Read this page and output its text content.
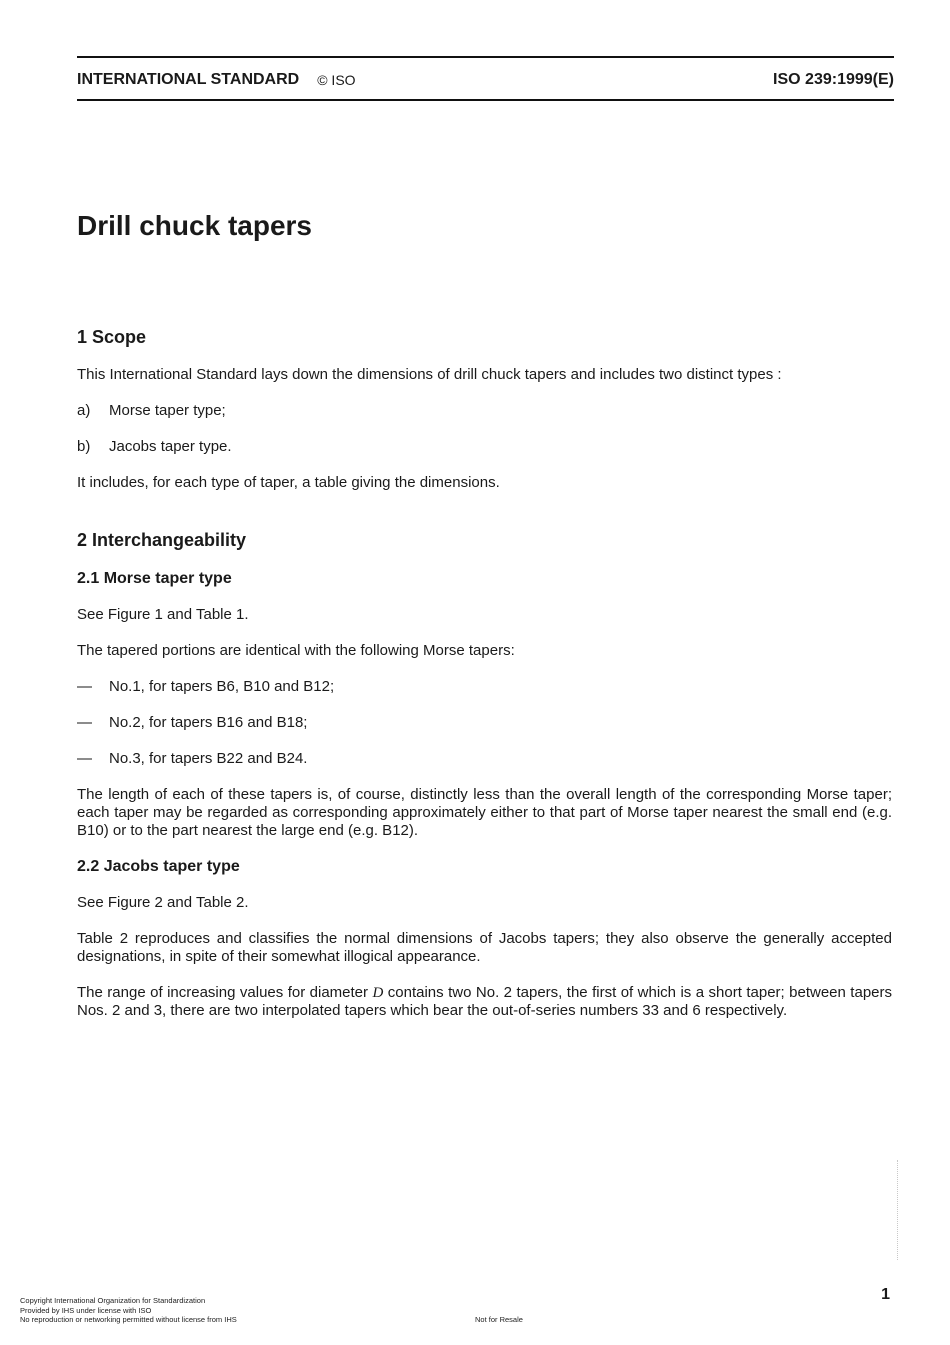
INTERNATIONAL STANDARD © ISO	ISO 239:1999(E)
Drill chuck tapers
1 Scope

This International Standard lays down the dimensions of drill chuck tapers and includes two distinct types :

a)	Morse taper type;
b)	Jacobs taper type.

It includes, for each type of taper, a table giving the dimensions.

2 Interchangeability
2.1 Morse taper type

See Figure 1 and Table 1.

The tapered portions are identical with the following Morse tapers:

—	No.1, for tapers B6, B10 and B12;
—	No.2, for tapers B16 and B18;
—	No.3, for tapers B22 and B24.

The length of each of these tapers is, of course, distinctly less than the overall length of the corresponding Morse taper; each taper may be regarded as corresponding approximately either to that part of Morse taper nearest the small end (e.g. B10) or to the part nearest the large end (e.g. B12).

2.2 Jacobs taper type

See Figure 2 and Table 2.

Table 2 reproduces and classifies the normal dimensions of Jacobs tapers; they also observe the generally accepted designations, in spite of their somewhat illogical appearance.

The range of increasing values for diameter D contains two No. 2 tapers, the first of which is a short taper; between tapers Nos. 2 and 3, there are two interpolated tapers which bear the out-of-series numbers 33 and 6 respectively.

1
Copyright International Organization for Standardization
Provided by IHS under license with ISO
No reproduction or networking permitted without license from IHS	Not for Resale
